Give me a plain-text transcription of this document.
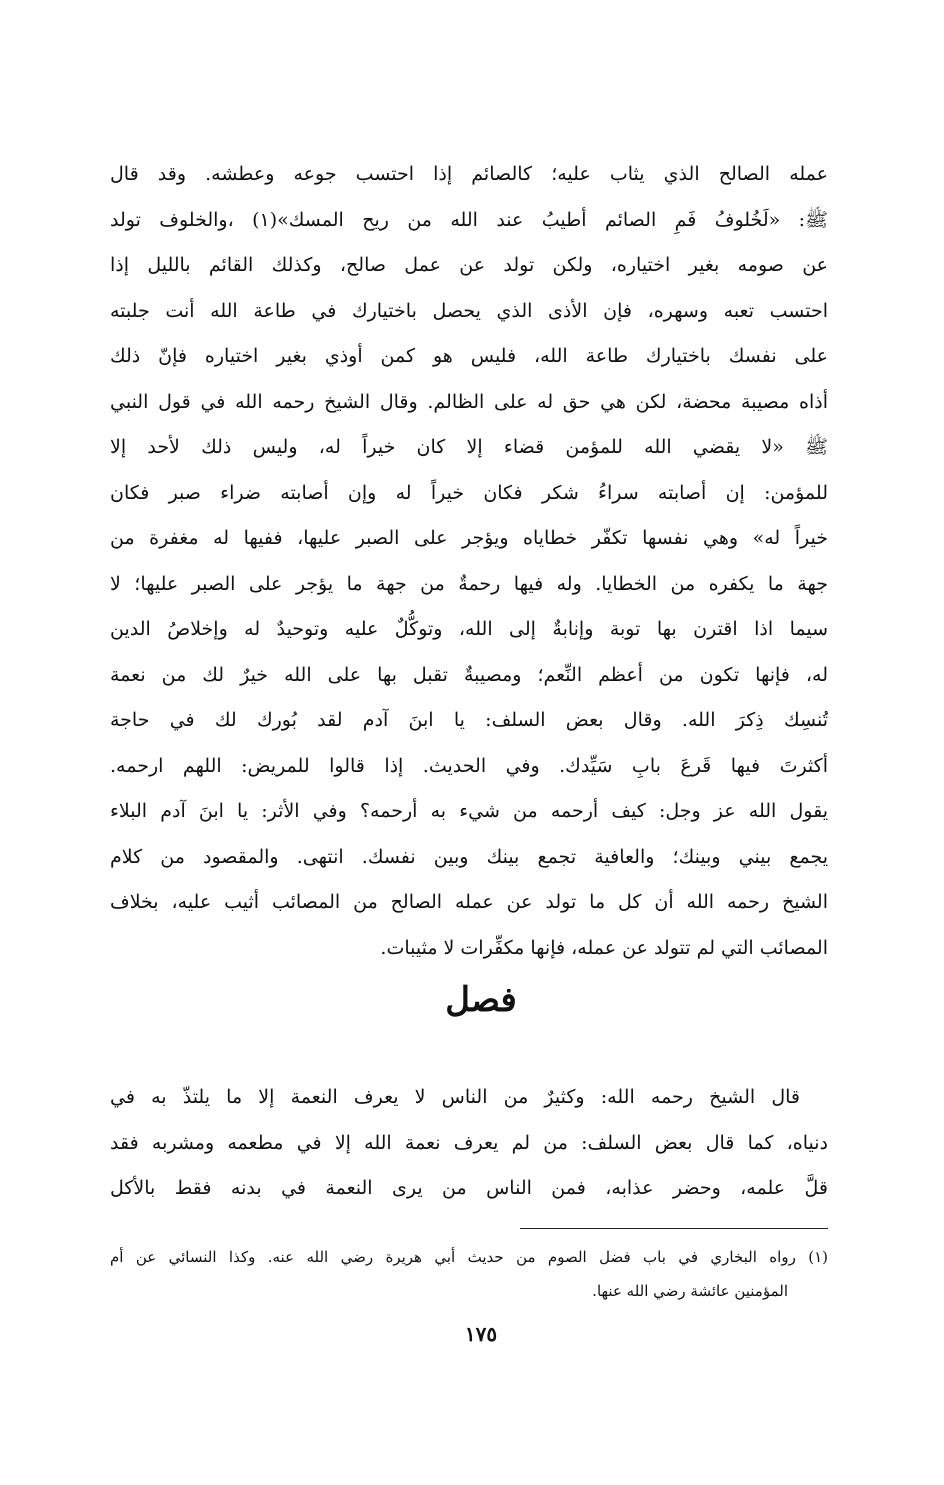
عمله الصالح الذي يثاب عليه؛ كالصائم إذا احتسب جوعه وعطشه. وقد قال
ﷺ: «لَخُلوفُ فَمِ الصائم أطيبُ عند الله من ريح المسك»(١) ،والخلوف تولد
عن صومه بغير اختياره، ولكن تولد عن عمل صالح، وكذلك القائم بالليل إذا
احتسب تعبه وسهره، فإن الأذى الذي يحصل باختيارك في طاعة الله أنت جلبته
على نفسك باختيارك طاعة الله، فليس هو كمن أوذي بغير اختياره فإنّ ذلك
أذاه مصيبة محضة، لكن هي حق له على الظالم. وقال الشيخ رحمه الله في قول النبي
ﷺ «لا يقضي الله للمؤمن قضاء إلا كان خيراً له، وليس ذلك لأحد إلا
للمؤمن: إن أصابته سراءُ شكر فكان خيراً له وإن أصابته ضراء صبر فكان
خيراً له» وهي نفسها تكفّر خطاياه ويؤجر على الصبر عليها، ففيها له مغفرة من
جهة ما يكفره من الخطايا. وله فيها رحمةٌ من جهة ما يؤجر على الصبر عليها؛ لا
سيما اذا اقترن بها توبة وإنابةٌ إلى الله، وتوكُّلٌ عليه وتوحيدٌ له وإخلاصُ الدين
له، فإنها تكون من أعظم النِّعم؛ ومصيبةٌ تقبل بها على الله خيرٌ لك من نعمة
تُنسِك ذِكرَ الله. وقال بعض السلف: يا ابنَ آدم لقد بُورك لك في حاجة
أكثرتَ فيها قَرعَ بابِ سَيِّدك. وفي الحديث. إذا قالوا للمريض: اللهم ارحمه.
يقول الله عز وجل: كيف أرحمه من شيء به أرحمه؟ وفي الأثر: يا ابنَ آدم البلاء
يجمع بيني وبينك؛ والعافية تجمع بينك وبين نفسك. انتهى. والمقصود من كلام
الشيخ رحمه الله أن كل ما تولد عن عمله الصالح من المصائب أثيب عليه، بخلاف
المصائب التي لم تتولد عن عمله، فإنها مكفِّرات لا مثيبات.
فصل
قال الشيخ رحمه الله: وكثيرٌ من الناس لا يعرف النعمة إلا ما يلتذّ به في
دنياه، كما قال بعض السلف: من لم يعرف نعمة الله إلا في مطعمه ومشربه فقد
قلَّ علمه، وحضر عذابه، فمن الناس من يرى النعمة في بدنه فقط بالأكل
(١) رواه البخاري في باب فضل الصوم من حديث أبي هريرة رضي الله عنه. وكذا النسائي عن أم
المؤمنين عائشة رضي الله عنها.
١٧٥
